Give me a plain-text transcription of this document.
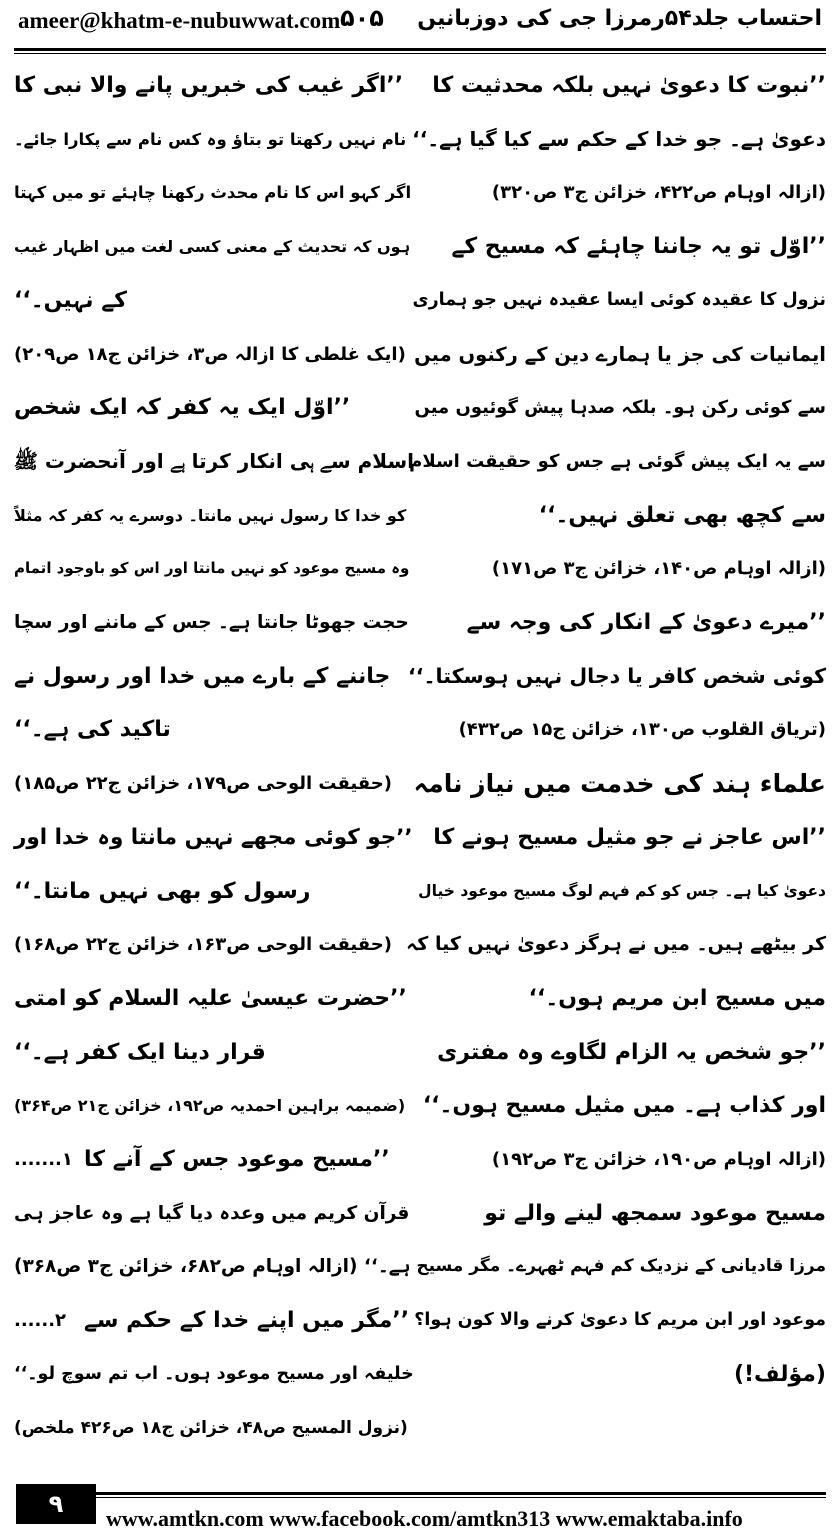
ameer@khatm-e-nubuwwat.com ۵۰۵ احتساب جلد۵۴رمرزا جی کی دوزبانیں
’’نبوت کا دعویٰ نہیں بلکہ محدثیت کا
’’اگر غیب کی خبریں پانے والا نبی کا
دعویٰ ہے۔ جو خدا کے حکم سے کیا گیا ہے۔‘‘
نام نہیں رکھتا تو بتاؤ وہ کس نام سے پکارا جائے۔
(ازالہ اوہام ص۴۲۲، خزائن ج۳ ص۳۲۰)
اگر کہو اس کا نام محدث رکھنا چاہئے تو میں کہتا
’’اوّل تو یہ جاننا چاہئے کہ مسیح کے
ہوں کہ تحدیث کے معنی کسی لغت میں اظہار غیب
نزول کا عقیدہ کوئی ایسا عقیدہ نہیں جو ہماری
کے نہیں۔‘‘
ایمانیات کی جز یا ہمارے دین کے رکنوں میں
(ایک غلطی کا ازالہ ص۳، خزائن ج۱۸ ص۲۰۹)
سے کوئی رکن ہو۔ بلکہ صدہا پیش گوئیوں میں
’’اوّل ایک یہ کفر کہ ایک شخص
سے یہ ایک پیش گوئی ہے جس کو حقیقت اسلام
اسلام سے ہی انکار کرتا ہے اور آنحضرت ﷺ
سے کچھ بھی تعلق نہیں۔‘‘
کو خدا کا رسول نہیں مانتا۔ دوسرے یہ کفر کہ مثلاً
(ازالہ اوہام ص۱۴۰، خزائن ج۳ ص۱۷۱)
وہ مسیح موعود کو نہیں مانتا اور اس کو باوجود اتمام
’’میرے دعویٰ کے انکار کی وجہ سے
حجت جھوٹا جانتا ہے۔ جس کے ماننے اور سچا
کوئی شخص کافر یا دجال نہیں ہوسکتا۔‘‘
جاننے کے بارے میں خدا اور رسول نے
(تریاق القلوب ص۱۳۰، خزائن ج۱۵ ص۴۳۲)
تاکید کی ہے۔‘‘
علماء ہند کی خدمت میں نیاز نامہ
(حقیقت الوحی ص۱۷۹، خزائن ج۲۲ ص۱۸۵)
’’اس عاجز نے جو مثیل مسیح ہونے کا
’’جو کوئی مجھے نہیں مانتا وہ خدا اور
دعویٰ کیا ہے۔ جس کو کم فہم لوگ مسیح موعود خیال
رسول کو بھی نہیں مانتا۔‘‘
کر بیٹھے ہیں۔ میں نے ہرگز دعویٰ نہیں کیا کہ
(حقیقت الوحی ص۱۶۳، خزائن ج۲۲ ص۱۶۸)
میں مسیح ابن مریم ہوں۔‘‘
’’حضرت عیسیٰ علیہ السلام کو امتی
’’جو شخص یہ الزام لگاوے وہ مفتری
قرار دینا ایک کفر ہے۔‘‘
اور کذاب ہے۔ میں مثیل مسیح ہوں۔‘‘
(ضمیمہ براہین احمدیہ ص۱۹۲، خزائن ج۲۱ ص۳۶۴)
(ازالہ اوہام ص۱۹۰، خزائن ج۳ ص۱۹۲)
’’مسیح موعود جس کے آنے کا
۱.......
مسیح موعود سمجھ لینے والے تو
قرآن کریم میں وعدہ دیا گیا ہے وہ عاجز ہی
مرزا قادیانی کے نزدیک کم فہم ٹھہرے۔ مگر مسیح
ہے۔‘‘ (ازالہ اوہام ص۶۸۲، خزائن ج۳ ص۳۶۸)
موعود اور ابن مریم کا دعویٰ کرنے والا کون ہوا؟
’’مگر میں اپنے خدا کے حکم سے
۲......
(مؤلف!)
خلیفہ اور مسیح موعود ہوں۔ اب تم سوچ لو۔‘‘
(نزول المسیح ص۴۸، خزائن ج۱۸ ص۴۲۶ ملخص)
۹
www.amtkn.com www.facebook.com/amtkn313 www.emaktaba.info
